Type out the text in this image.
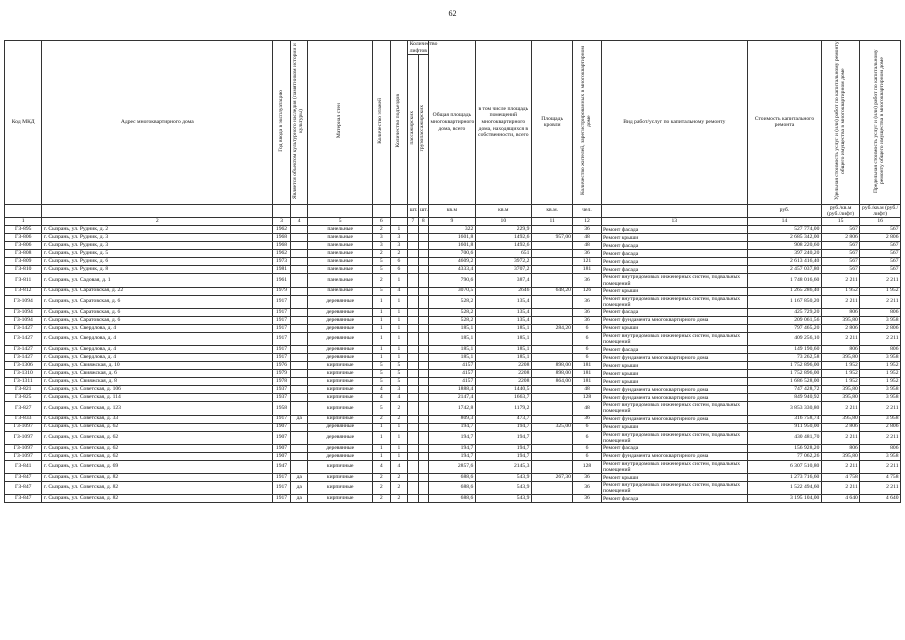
62
Код МКД	Адрес многоквартирного дома	Год ввода в эксплуатацию	Является объектом культурного наследия (памятником истории и культуры)	Материал стен	Количество этажей	Количество подъездов	Количество лифтов		Общая площадь многоквартирного дома, всего	в том числе площадь помещений многоквартирного дома, находящихся в собственности, всего	Площадь кровли	Количество жителей, зарегистрированных в многоквартирном доме	Вид работ/услуг по капитальному ремонту	Стоимость капитального ремонта	Удельная стоимость услуг и (или) работ по капитальному ремонту общего имущества в многоквартирном доме	Предельная стоимость услуг и (или) работ по капитальному ремонту общего имущества в многоквартирном доме
							пассажирских	грузопассажирских								

							шт.	шт.	кв.м	кв.м	кв.м.	чел.		руб.	руб./кв.м (руб./лифт)	руб./кв.м (руб./лифт)
1	2	3	4	5	6		7	8	9	10	11	12	13	14	15	16
ГЗ-895	г. Сызрань, ул. Рудник, д. 2	1962		панельные	2	1			322	229,9		36	Ремонт фасада	527 774,00	567	567
ГЗ-806	г. Сызрань, ул. Рудник, д. 3	1968		панельные	3	3			1601,8	1492,6	957,00	48	Ремонт крыши	2 685 342,00	2 806	2 806
ГЗ-806	г. Сызрань, ул. Рудник, д. 3	1968		панельные	3	3			1601,8	1492,6		48	Ремонт фасада	908 220,60	567	567
ГЗ-808	г. Сызрань, ул. Рудник, д. 5	1962		панельные	2	2			700,6	651		36	Ремонт фасада	397 240,20	567	567
ГЗ-809	г. Сызрань, ул. Рудник, д. 6	1973		панельные	5	6			4609,2	3972,2		121	Ремонт фасада	2 613 416,40	567	567
ГЗ-810	г. Сызрань, ул. Рудник, д. 8	1981		панельные	5	6			4333,4	3707,2		181	Ремонт фасада	2 457 037,80	567	567
ГЗ-811	г. Сызрань, ул. Садовая, д. 1	1961		панельные	2	1			790,6	387,4		36	Ремонт внутридомовых инженерных систем, подвальных помещений	1 748 016,60	2 211	2 211
ГЗ-812	г. Сызрань, ул. Саратовская, д. 22	1979		панельные	5	4			3070,5	2646	648,20	126	Ремонт крыши	1 265 286,40	1 952	1 952
ГЗ-1094	г. Сызрань, ул. Саратовская, д. 6	1917		деревянные	1	1			528,2	135,4		36	Ремонт внутридомовых инженерных систем, подвальных помещений	1 167 850,20	2 211	2 211
ГЗ-1094	г. Сызрань, ул. Саратовская, д. 6	1917		деревянные	1	1			528,2	135,4		36	Ремонт фасада	425 729,20	806	806
ГЗ-1094	г. Сызрань, ул. Саратовская, д. 6	1917		деревянные	1	1			528,2	135,4		36	Ремонт фундамента многоквартирного дома	209 061,56	395,80	3 958
ГЗ-1427	г. Сызрань, ул. Свердлова, д. 4	1917		деревянные	1	1			185,1	185,1	284,20	6	Ремонт крыши	797 465,20	2 806	2 806
ГЗ-1427	г. Сызрань, ул. Свердлова, д. 4	1917		деревянные	1	1			185,1	185,1		6	Ремонт внутридомовых инженерных систем, подвальных помещений	409 256,10	2 211	2 211
ГЗ-1427	г. Сызрань, ул. Свердлова, д. 4	1917		деревянные	1	1			185,1	185,1		6	Ремонт фасада	149 190,60	806	806
ГЗ-1427	г. Сызрань, ул. Свердлова, д. 4	1917		деревянные	1	1			185,1	185,1		6	Ремонт фундамента многоквартирного дома	73 262,58	395,80	3 958
ГЗ-1306	г. Сызрань, ул. Свияжская, д. 10	1976		кирпичные	5	5			4157	2208	898,00	181	Ремонт крыши	1 752 896,00	1 952	1 952
ГЗ-1310	г. Сызрань, ул. Свияжская, д. 6	1979		кирпичные	5	5			4157	2208	898,00	181	Ремонт крыши	1 752 896,00	1 952	1 952
ГЗ-1311	г. Сызрань, ул. Свияжская, д. 8	1978		кирпичные	5	5			4157	2208	864,00	181	Ремонт крыши	1 686 528,00	1 952	1 952
ГЗ-821	г. Сызрань, ул. Советская, д. 106	1937		кирпичные	4	3			1888,4	1440,5		48	Ремонт фундамента многоквартирного дома	747 428,72	395,80	3 958
ГЗ-825	г. Сызрань, ул. Советская, д. 114	1937		кирпичные	4	4			2147,4	1663,7		128	Ремонт фундамента многоквартирного дома	849 940,92	395,80	3 958
ГЗ-827	г. Сызрань, ул. Советская, д. 123	1958		кирпичные	5	2			1742,8	1179,2		48	Ремонт внутридомовых инженерных систем, подвальных помещений	3 853 330,80	2 211	2 211
ГЗ-833	г. Сызрань, ул. Советская, д. 33	1917	да	кирпичные	2	2			809,3	473,7		36	Ремонт фундамента многоквартирного дома	316 758,74	395,80	3 958
ГЗ-1097	г. Сызрань, ул. Советская, д. 62	1907		деревянные	1	1			194,7	194,7	325,00	6	Ремонт крыши	911 950,00	2 806	2 806
ГЗ-1097	г. Сызрань, ул. Советская, д. 62	1907		деревянные	1	1			194,7	194,7		6	Ремонт внутридомовых инженерных систем, подвальных помещений	430 481,70	2 211	2 211
ГЗ-1097	г. Сызрань, ул. Советская, д. 62	1907		деревянные	1	1			194,7	194,7		6	Ремонт фасада	156 928,20	806	806
ГЗ-1097	г. Сызрань, ул. Советская, д. 62	1907		деревянные	1	1			194,7	194,7		6	Ремонт фундамента многоквартирного дома	77 062,26	395,80	3 958
ГЗ-841	г. Сызрань, ул. Советская, д. 69	1947		кирпичные	4	4			2857,6	2145,3		128	Ремонт внутридомовых инженерных систем, подвальных помещений	6 307 510,80	2 211	2 211
ГЗ-847	г. Сызрань, ул. Советская, д. 82	1917	да	кирпичные	2	2			688,6	543,9	267,30	36	Ремонт крыши	1 273 716,60	4 758	4 758
ГЗ-847	г. Сызрань, ул. Советская, д. 82	1917	да	кирпичные	2	2			688,6	543,9		36	Ремонт внутридомовых инженерных систем, подвальных помещений	1 522 494,60	2 211	2 211
ГЗ-847	г. Сызрань, ул. Советская, д. 82	1917	да	кирпичные	2	2			688,6	543,9		36	Ремонт фасада	3 195 104,00	4 640	4 640
